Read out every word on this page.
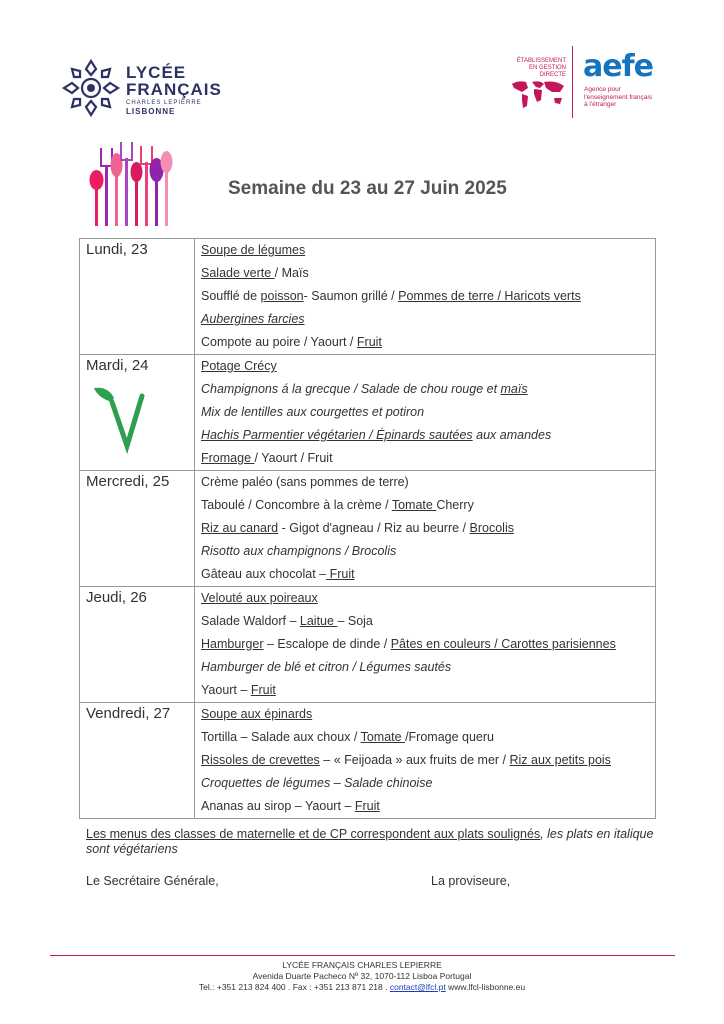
LYCÉE
FRANÇAIS
CHARLES LEPIERRE
LISBONNE
ÉTABLISSEMENT
EN GESTION DIRECTE aefe
Agence pour
l'enseignement français
à l'étranger
Semaine du 23 au 27 Juin 2025
Lundi, 23	Soupe de légumes
Salade verte / Maïs
Soufflé de poisson- Saumon grillé / Pommes de terre / Haricots verts
Aubergines farcies
Compote au poire / Yaourt / Fruit

Mardi, 24	Potage Crécy
Champignons á la grecque / Salade de chou rouge et maïs
Mix de lentilles aux courgettes et potiron
Hachis Parmentier végétarien / Épinards sautées aux amandes
Fromage / Yaourt / Fruit

Mercredi, 25	Crème paléo (sans pommes de terre)
Taboulé / Concombre à la crème / Tomate Cherry
Riz au canard - Gigot d'agneau / Riz au beurre / Brocolis
Risotto aux champignons / Brocolis
Gâteau aux chocolat – Fruit

Jeudi, 26	Velouté aux poireaux
Salade Waldorf – Laitue – Soja
Hamburger – Escalope de dinde / Pâtes en couleurs / Carottes parisiennes
Hamburger de blé et citron / Légumes sautés
Yaourt – Fruit

Vendredi, 27	Soupe aux épinards
Tortilla – Salade aux choux / Tomate /Fromage queru
Rissoles de crevettes – « Feijoada » aux fruits de mer / Riz aux petits pois
Croquettes de légumes – Salade chinoise
Ananas au sirop – Yaourt – Fruit
Les menus des classes de maternelle et de CP correspondent aux plats soulignés, les plats en italique sont végétariens
Le Secrétaire Générale,	La proviseure,
LYCÉE FRANÇAIS CHARLES LEPIERRE
Avenida Duarte Pacheco Nº 32, 1070-112 Lisboa Portugal
Tel.: +351 213 824 400 . Fax : +351 213 871 218 . contact@lfcl.pt www.lfcl-lisbonne.eu
